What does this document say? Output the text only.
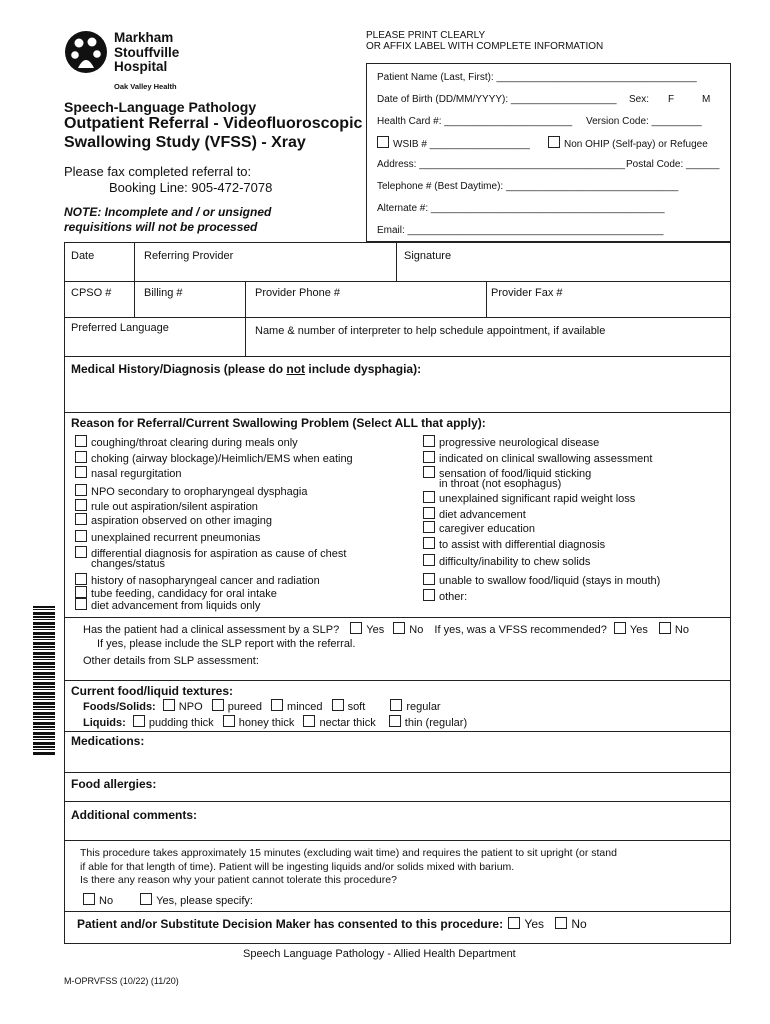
Markham
Stouffville
Hospital
Oak Valley Health
Speech-Language Pathology
Outpatient Referral - Videofluoroscopic
Swallowing Study (VFSS) - Xray
Please fax completed referral to:
Booking Line: 905-472-7078
NOTE: Incomplete and / or unsigned
requisitions will not be processed
PLEASE PRINT CLEARLY
OR AFFIX LABEL WITH COMPLETE INFORMATION
Patient Name (Last, First): ____________________________________
Date of Birth (DD/MM/YYYY): ___________________ Sex: F	M
Health Card #: _______________________ Version Code: _________
WSIB # __________________	Non OHIP (Self-pay) or Refugee
Address: _____________________________________ Postal Code: ______
Telephone # (Best Daytime): _______________________________
Alternate #: __________________________________________
Email: ______________________________________________
Date	Referring Provider	Signature
CPSO #	Billing #	Provider Phone #	Provider Fax #
Preferred Language	Name & number of interpreter to help schedule appointment, if available
Medical History/Diagnosis (please do not include dysphagia):
Reason for Referral/Current Swallowing Problem (Select ALL that apply):
coughing/throat clearing during meals only
choking (airway blockage)/Heimlich/EMS when eating
nasal regurgitation
NPO secondary to oropharyngeal dysphagia
rule out aspiration/silent aspiration
aspiration observed on other imaging
unexplained recurrent pneumonias
differential diagnosis for aspiration as cause of chest
changes/status
history of nasopharyngeal cancer and radiation
tube feeding, candidacy for oral intake
diet advancement from liquids only
progressive neurological disease
indicated on clinical swallowing assessment
sensation of food/liquid sticking
in throat (not esophagus)
unexplained significant rapid weight loss
diet advancement
caregiver education
to assist with differential diagnosis
difficulty/inability to chew solids
unable to swallow food/liquid (stays in mouth)
other:
Has the patient had a clinical assessment by a SLP? Yes No If yes, was a VFSS recommended? Yes No
If yes, please include the SLP report with the referral.
Other details from SLP assessment:
Current food/liquid textures:
Foods/Solids: NPO pureed minced soft	regular
Liquids: pudding thick honey thick nectar thick	thin (regular)
Medications:
Food allergies:
Additional comments:
This procedure takes approximately 15 minutes (excluding wait time) and requires the patient to sit upright (or stand
if able for that length of time). Patient will be ingesting liquids and/or solids mixed with barium.
Is there any reason why your patient cannot tolerate this procedure?
No	Yes, please specify:
Patient and/or Substitute Decision Maker has consented to this procedure: Yes No
Speech Language Pathology - Allied Health Department
M-OPRVFSS (10/22) (11/20)
